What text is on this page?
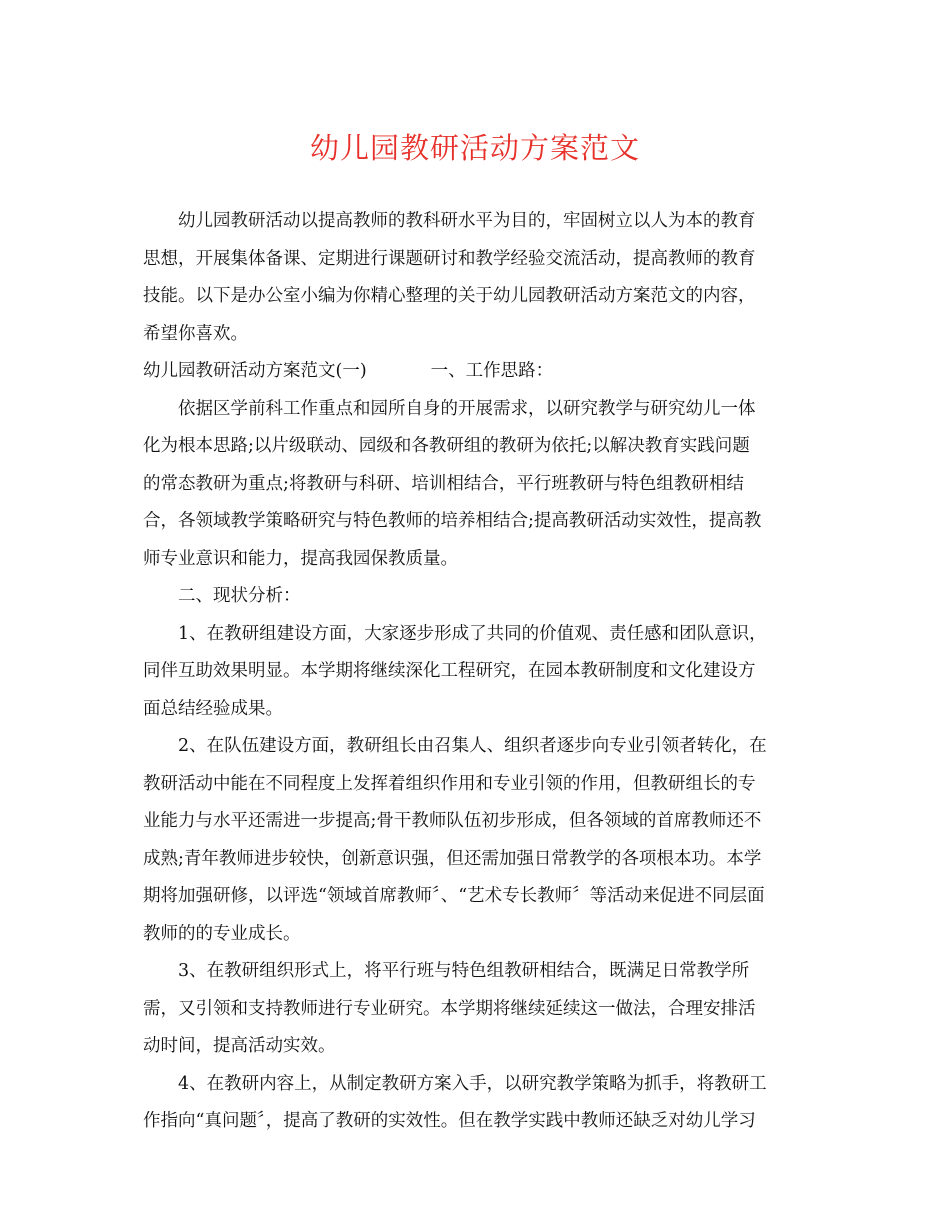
幼儿园教研活动方案范文
幼儿园教研活动以提高教师的教科研水平为目的，牢固树立以人为本的教育
思想，开展集体备课、定期进行课题研讨和教学经验交流活动，提高教师的教育
技能。以下是办公室小编为你精心整理的关于幼儿园教研活动方案范文的内容，
希望你喜欢。
幼儿园教研活动方案范文(一)	一、工作思路：
依据区学前科工作重点和园所自身的开展需求，以研究教学与研究幼儿一体
化为根本思路;以片级联动、园级和各教研组的教研为依托;以解决教育实践问题
的常态教研为重点;将教研与科研、培训相结合，平行班教研与特色组教研相结
合，各领域教学策略研究与特色教师的培养相结合;提高教研活动实效性，提高教
师专业意识和能力，提高我园保教质量。
二、现状分析：
1、在教研组建设方面，大家逐步形成了共同的价值观、责任感和团队意识，
同伴互助效果明显。本学期将继续深化工程研究，在园本教研制度和文化建设方
面总结经验成果。
2、在队伍建设方面，教研组长由召集人、组织者逐步向专业引领者转化，在
教研活动中能在不同程度上发挥着组织作用和专业引领的作用，但教研组长的专
业能力与水平还需进一步提高;骨干教师队伍初步形成，但各领域的首席教师还不
成熟;青年教师进步较快，创新意识强，但还需加强日常教学的各项根本功。本学
期将加强研修，以评选“领域首席教师〞、“艺术专长教师〞等活动来促进不同层面
教师的的专业成长。
3、在教研组织形式上，将平行班与特色组教研相结合，既满足日常教学所
需，又引领和支持教师进行专业研究。本学期将继续延续这一做法，合理安排活
动时间，提高活动实效。
4、在教研内容上，从制定教研方案入手，以研究教学策略为抓手，将教研工
作指向“真问题〞，提高了教研的实效性。但在教学实践中教师还缺乏对幼儿学习
